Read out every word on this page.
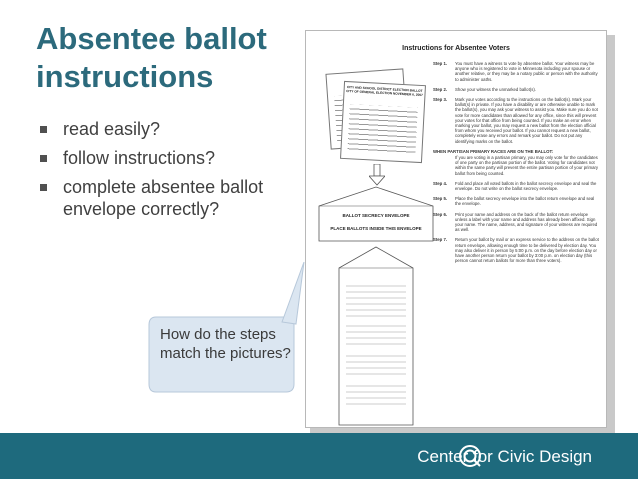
Absentee ballot instructions
read easily?
follow instructions?
complete absentee ballot envelope correctly?
Instructions for Absentee Voters
CITY AND SCHOOL DISTRICT ELECTION BALLOT CITY OF GENERAL ELECTION NOVEMBER 6, 2007
BALLOT SECRECY ENVELOPE
PLACE BALLOTS INSIDE THIS ENVELOPE
Step 1.	You must have a witness to vote by absentee ballot. Your witness may be anyone who is registered to vote in Minnesota including your spouse or another relative, or they may be a notary public or person with the authority to administer oaths.
Step 2.	Show your witness the unmarked ballot(s).
Step 3.	Mark your votes according to the instructions on the ballot(s). Mark your ballot(s) in private. If you have a disability or are otherwise unable to mark the ballot(s), you may ask your witness to assist you. Make sure you do not vote for more candidates than allowed for any office, since this will prevent your votes for that office from being counted. If you make an error when marking your ballot, you may request a new ballot from the election official from whom you received your ballot. If you cannot request a new ballot, completely erase any errors and remark your ballot. Do not put any identifying marks on the ballot.
WHEN PARTISAN PRIMARY RACES ARE ON THE BALLOT:
If you are voting in a partisan primary, you may only vote for the candidates of one party on the partisan portion of the ballot. Voting for candidates not within the same party will prevent the entire partisan portion of your primary ballot from being counted.
Step 4.	Fold and place all voted ballots in the ballot secrecy envelope and seal the envelope. Do not write on the ballot secrecy envelope.
Step 5.	Place the ballot secrecy envelope into the ballot return envelope and seal the envelope.
Step 6.	Print your name and address on the back of the ballot return envelope unless a label with your name and address has already been affixed. Sign your name. The name, address, and signature of your witness are required as well.
Step 7.	Return your ballot by mail or an express service to the address on the ballot return envelope, allowing enough time to be delivered by election day. You may also deliver it in person by 5:00 p.m. on the day before election day or have another person return your ballot by 3:00 p.m. on election day (this person cannot return ballots for more than three voters).
How do the steps match the pictures?
Center for Civic Design
